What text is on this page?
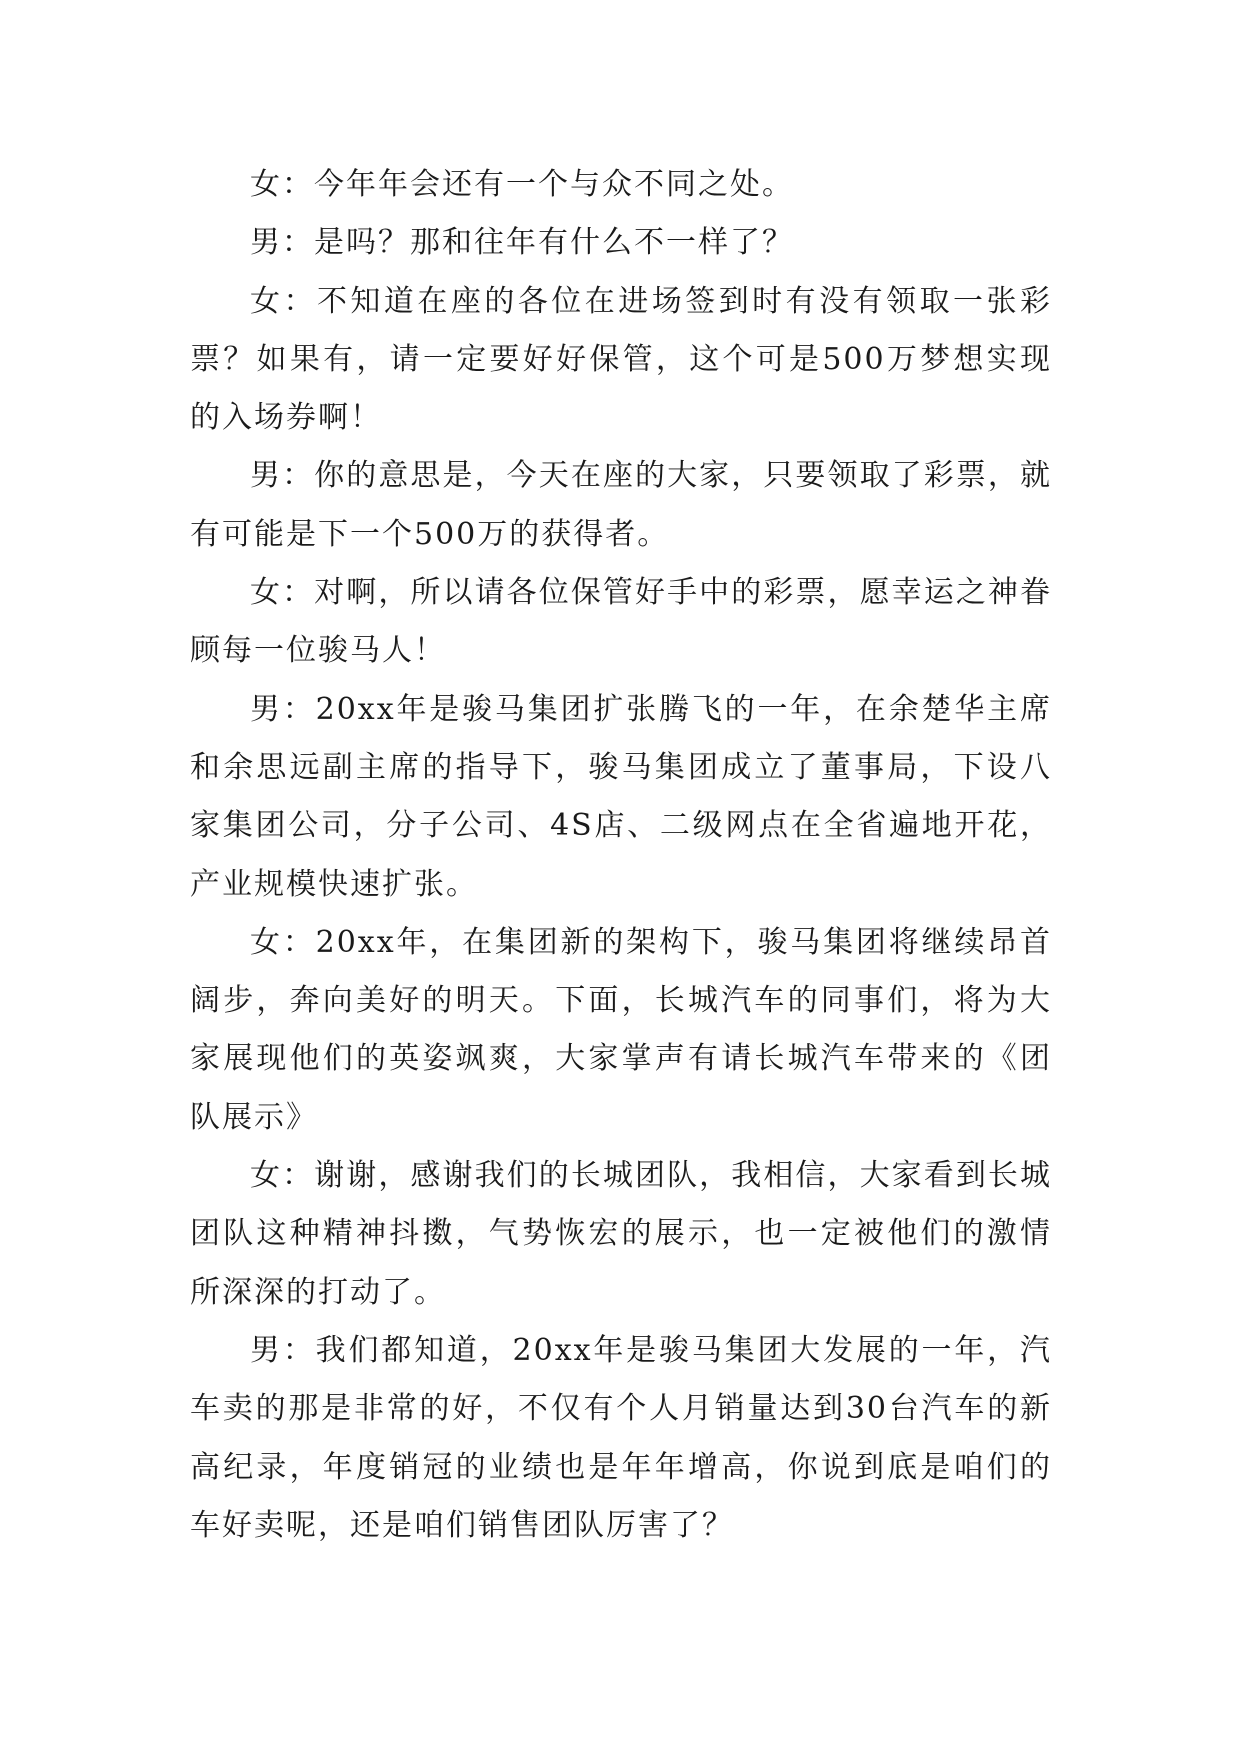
女：今年年会还有一个与众不同之处。

男：是吗？那和往年有什么不一样了？

女：不知道在座的各位在进场签到时有没有领取一张彩票？如果有，请一定要好好保管，这个可是500万梦想实现的入场券啊！

男：你的意思是，今天在座的大家，只要领取了彩票，就有可能是下一个500万的获得者。

女：对啊，所以请各位保管好手中的彩票，愿幸运之神眷顾每一位骏马人！

男：20xx年是骏马集团扩张腾飞的一年，在余楚华主席和余思远副主席的指导下，骏马集团成立了董事局，下设八家集团公司，分子公司、4S店、二级网点在全省遍地开花，产业规模快速扩张。

女：20xx年，在集团新的架构下，骏马集团将继续昂首阔步，奔向美好的明天。下面，长城汽车的同事们，将为大家展现他们的英姿飒爽，大家掌声有请长城汽车带来的《团队展示》

女：谢谢，感谢我们的长城团队，我相信，大家看到长城团队这种精神抖擞，气势恢宏的展示，也一定被他们的激情所深深的打动了。

男：我们都知道，20xx年是骏马集团大发展的一年，汽车卖的那是非常的好，不仅有个人月销量达到30台汽车的新高纪录，年度销冠的业绩也是年年增高，你说到底是咱们的车好卖呢，还是咱们销售团队厉害了？
